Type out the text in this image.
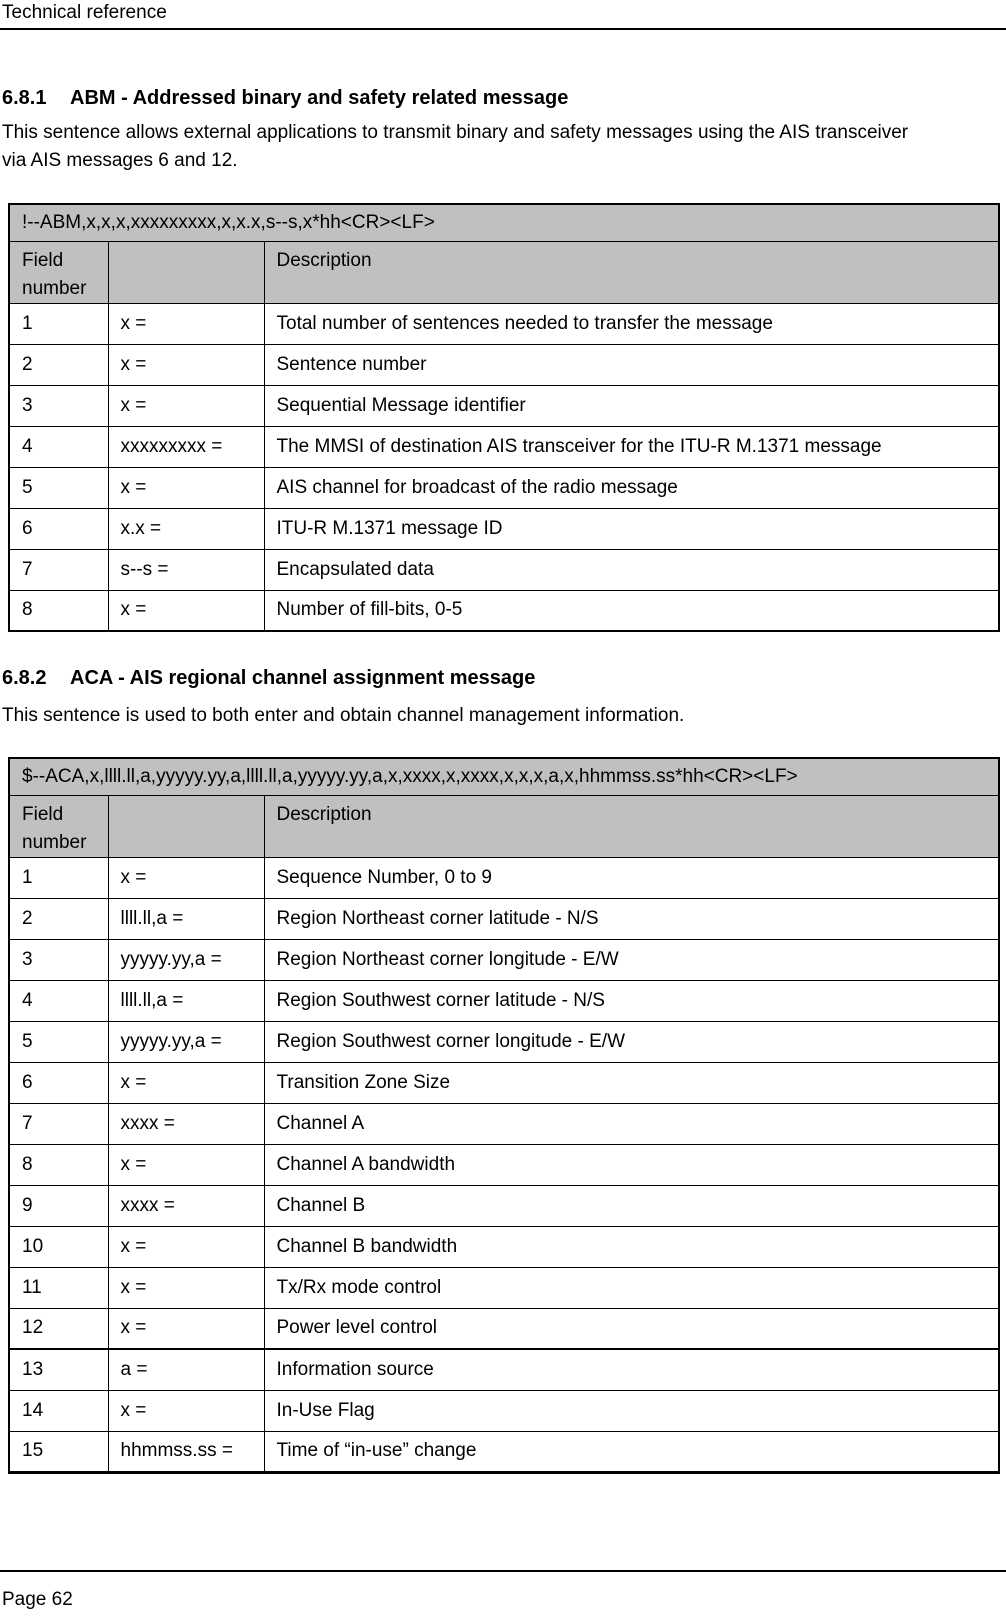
Technical reference
6.8.1	ABM - Addressed binary and safety related message
This sentence allows external applications to transmit binary and safety messages using the AIS transceiver
via AIS messages 6 and 12.
!--ABM,x,x,x,xxxxxxxxx,x,x.x,s--s,x*hh<CR><LF>		
Field number		Description
1	x =	Total number of sentences needed to transfer the message
2	x =	Sentence number
3	x =	Sequential Message identifier
4	xxxxxxxxx =	The MMSI of destination AIS transceiver for the ITU-R M.1371 message
5	x =	AIS channel for broadcast of the radio message
6	x.x =	ITU-R M.1371 message ID
7	s--s =	Encapsulated data
8	x =	Number of fill-bits, 0-5
6.8.2	ACA - AIS regional channel assignment message
This sentence is used to both enter and obtain channel management information.
$--ACA,x,llll.ll,a,yyyyy.yy,a,llll.ll,a,yyyyy.yy,a,x,xxxx,x,xxxx,x,x,x,a,x,hhmmss.ss*hh<CR><LF>		
Field number		Description
1	x =	Sequence Number, 0 to 9
2	llll.ll,a =	Region Northeast corner latitude - N/S
3	yyyyy.yy,a =	Region Northeast corner longitude - E/W
4	llll.ll,a =	Region Southwest corner latitude - N/S
5	yyyyy.yy,a =	Region Southwest corner longitude - E/W
6	x =	Transition Zone Size
7	xxxx =	Channel A
8	x =	Channel A bandwidth
9	xxxx =	Channel B
10	x =	Channel B bandwidth
11	x =	Tx/Rx mode control
12	x =	Power level control
13	a =	Information source
14	x =	In-Use Flag
15	hhmmss.ss =	Time of “in-use” change
Page 62
